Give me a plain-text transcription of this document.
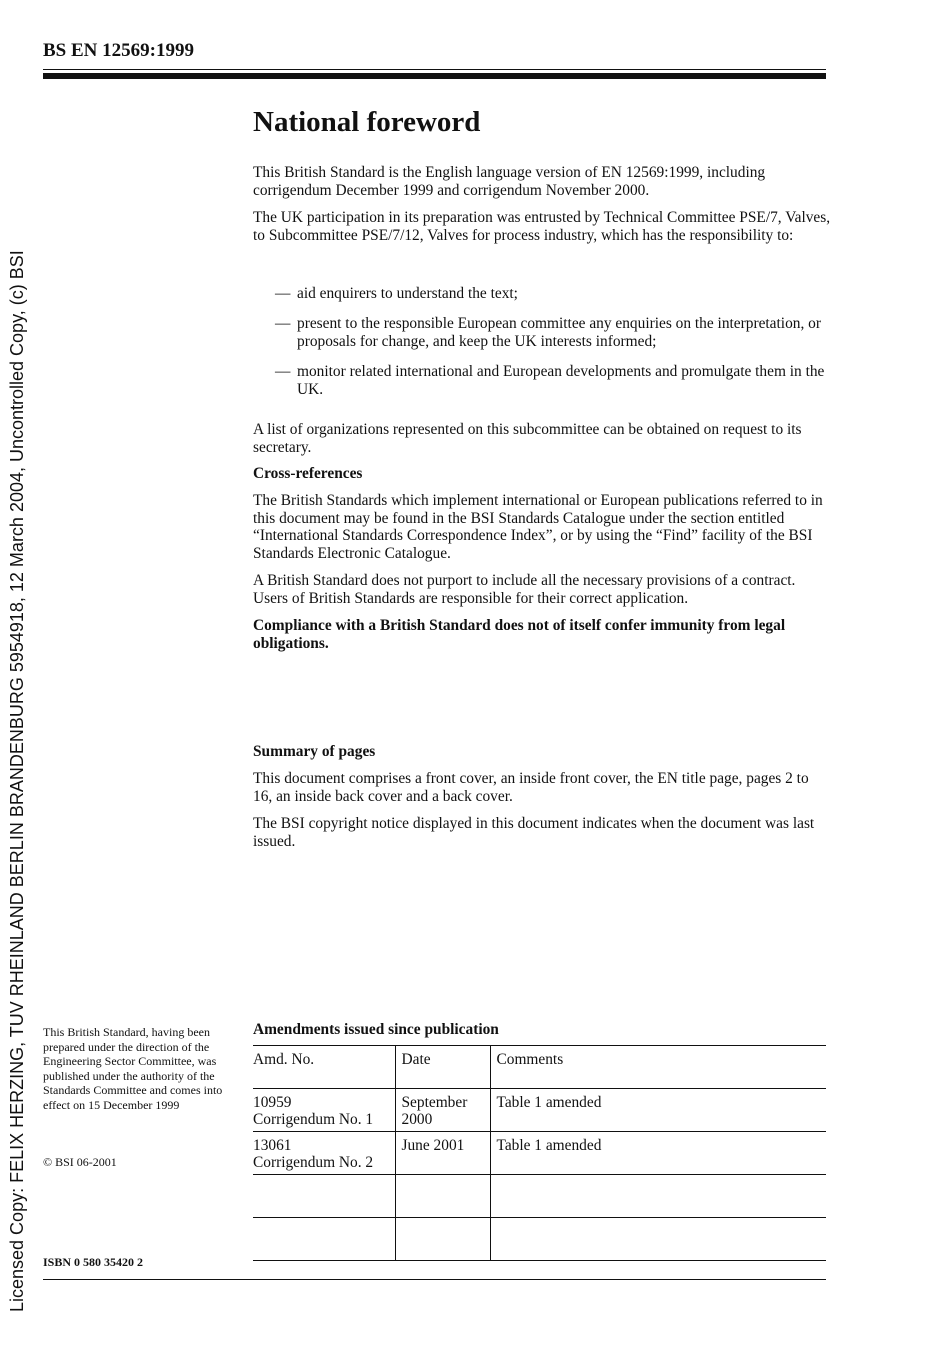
BS EN 12569:1999
Licensed Copy: FELIX HERZING, TUV RHEINLAND BERLIN BRANDENBURG 5954918, 12 March 2004, Uncontrolled Copy, (c) BSI
National foreword

This British Standard is the English language version of EN 12569:1999, including corrigendum December 1999 and corrigendum November 2000.

The UK participation in its preparation was entrusted by Technical Committee PSE/7, Valves, to Subcommittee PSE/7/12, Valves for process industry, which has the responsibility to:

— aid enquirers to understand the text;
— present to the responsible European committee any enquiries on the interpretation, or proposals for change, and keep the UK interests informed;
— monitor related international and European developments and promulgate them in the UK.

A list of organizations represented on this subcommittee can be obtained on request to its secretary.

Cross-references

The British Standards which implement international or European publications referred to in this document may be found in the BSI Standards Catalogue under the section entitled “International Standards Correspondence Index”, or by using the “Find” facility of the BSI Standards Electronic Catalogue.

A British Standard does not purport to include all the necessary provisions of a contract. Users of British Standards are responsible for their correct application.

Compliance with a British Standard does not of itself confer immunity from legal obligations.

Summary of pages

This document comprises a front cover, an inside front cover, the EN title page, pages 2 to 16, an inside back cover and a back cover.

The BSI copyright notice displayed in this document indicates when the document was last issued.

This British Standard, having been prepared under the direction of the Engineering Sector Committee, was published under the authority of the Standards Committee and comes into effect on 15 December 1999

© BSI 06-2001

ISBN 0 580 35420 2

Amendments issued since publication

Amd. No.	Date	Comments

10959
Corrigendum No. 1	September
2000	Table 1 amended

13061
Corrigendum No. 2	June 2001	Table 1 amended
